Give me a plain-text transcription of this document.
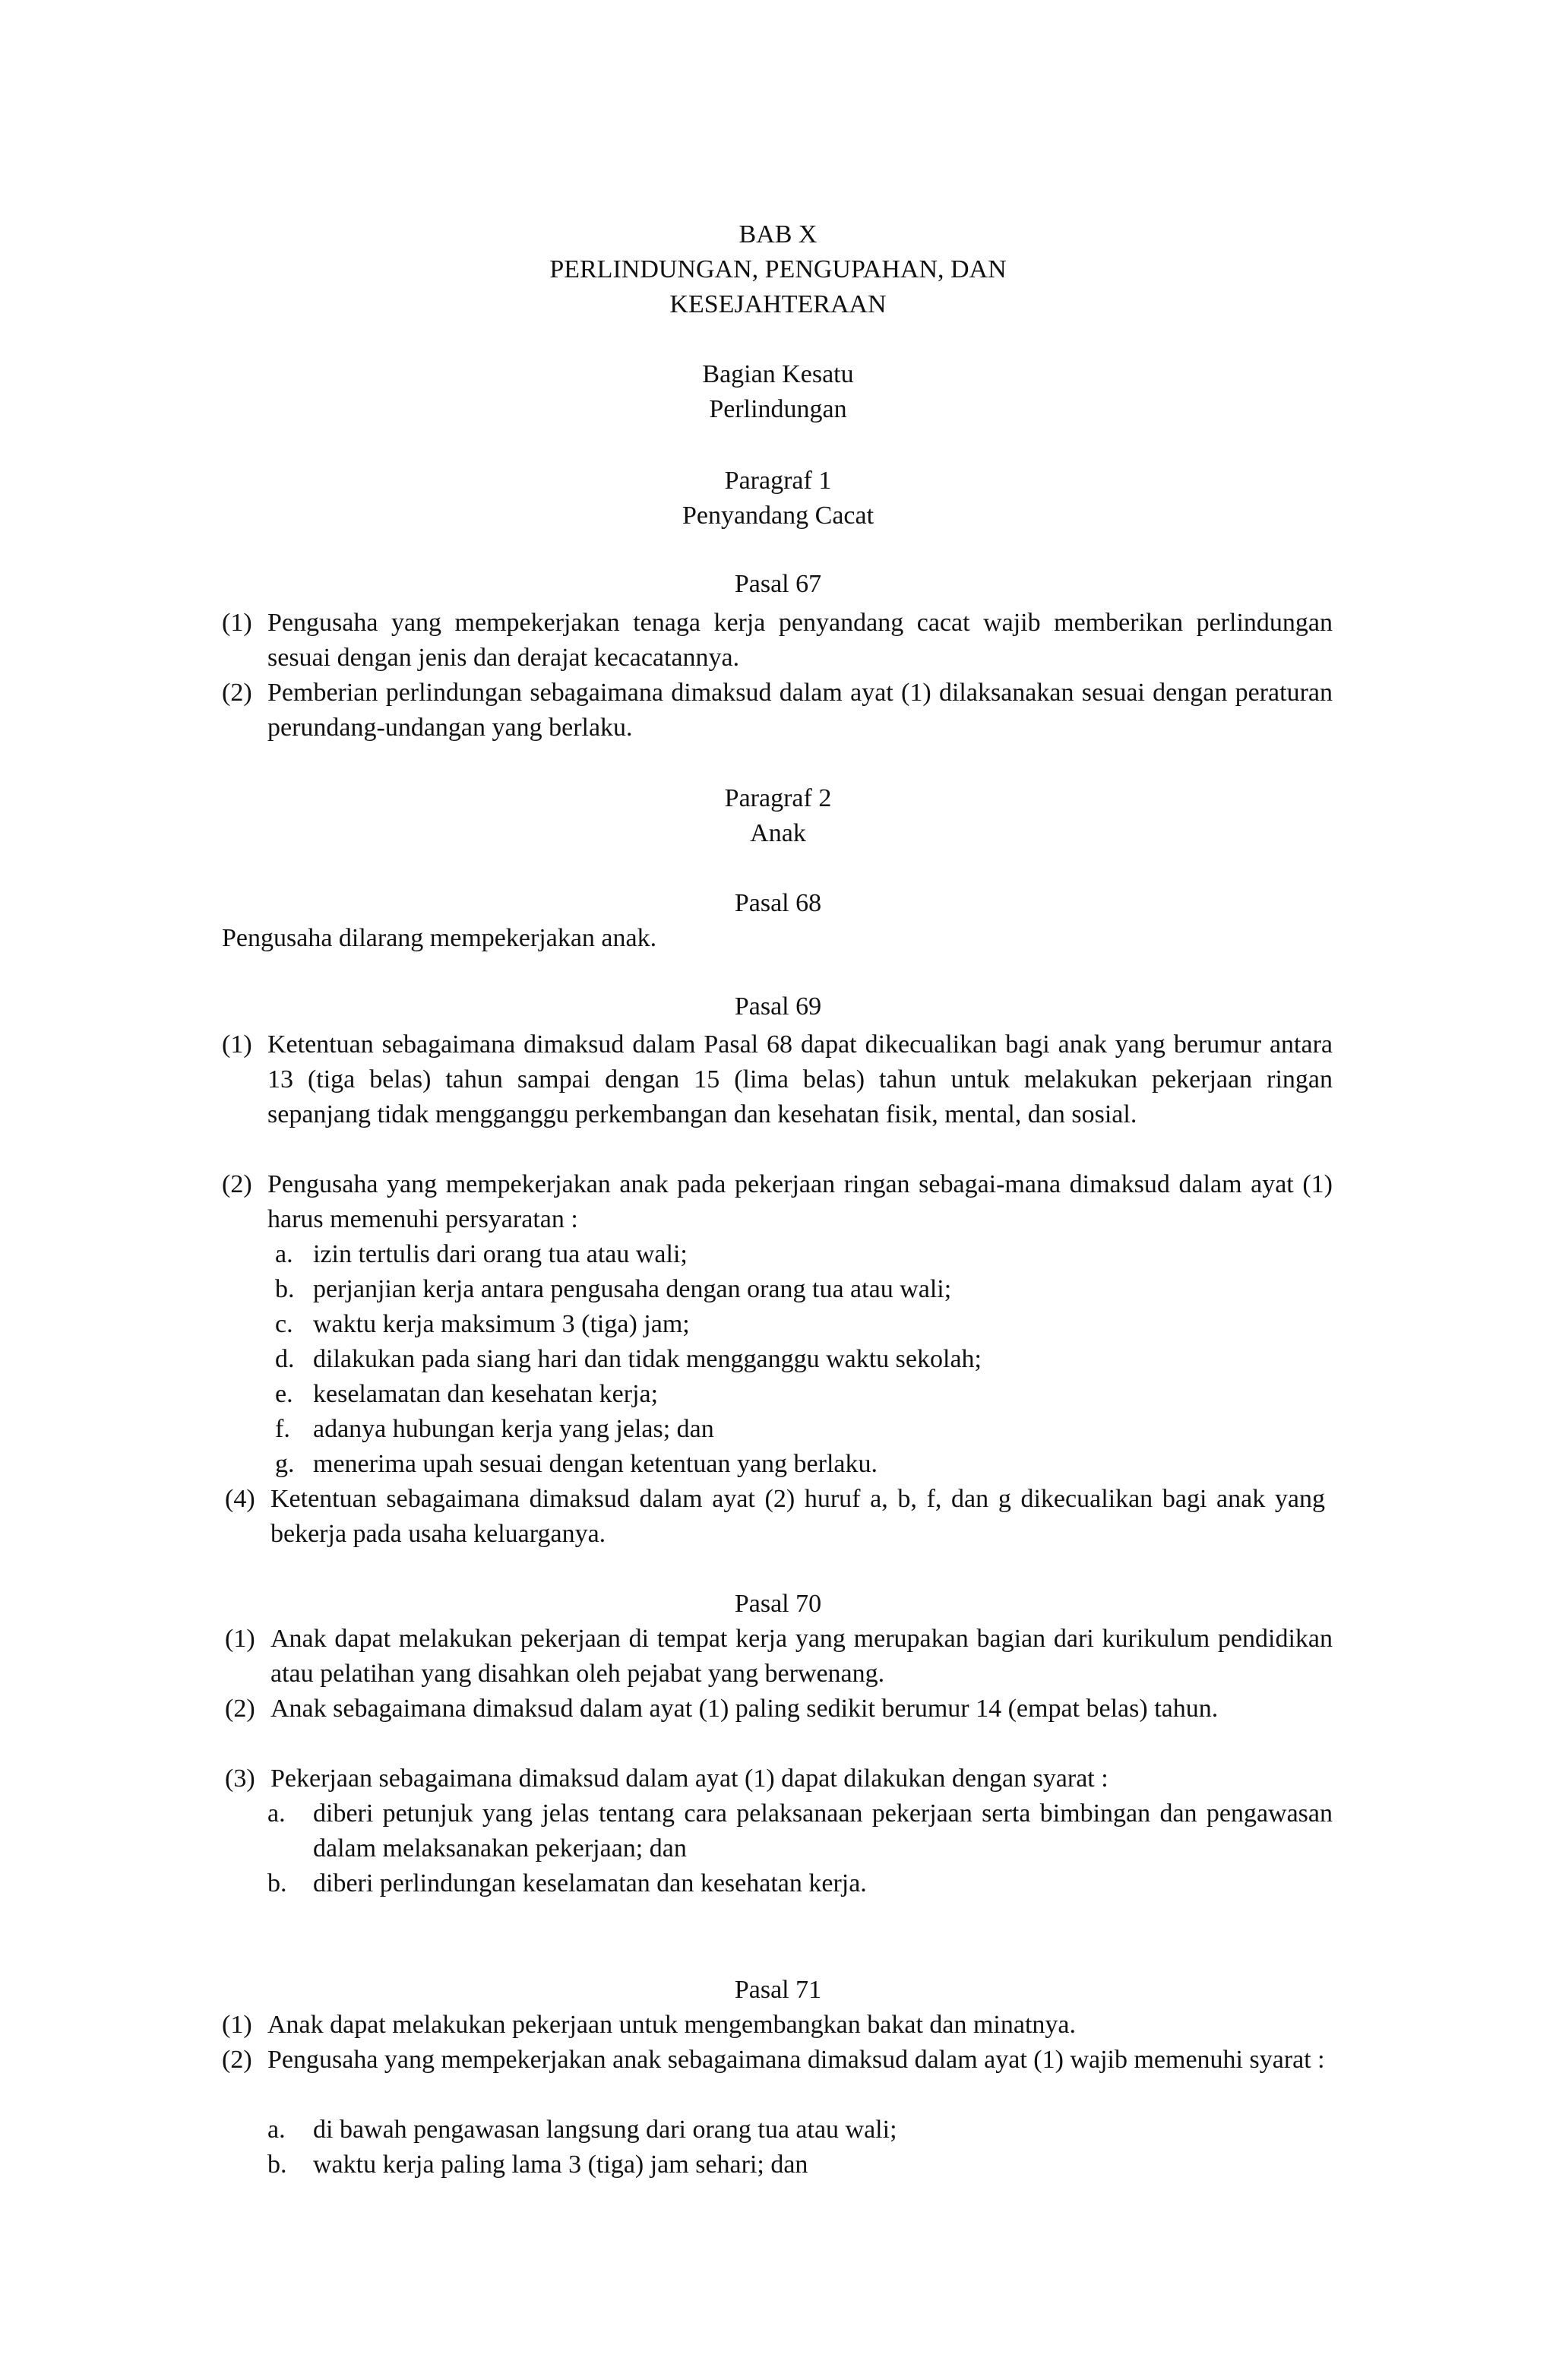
BAB X
PERLINDUNGAN, PENGUPAHAN, DAN
KESEJAHTERAAN
Bagian Kesatu
Perlindungan
Paragraf 1
Penyandang Cacat
Pasal 67
(1) Pengusaha yang mempekerjakan tenaga kerja penyandang cacat wajib memberikan perlindungan sesuai dengan jenis dan derajat kecacatannya.
(2) Pemberian perlindungan sebagaimana dimaksud dalam ayat (1) dilaksanakan sesuai dengan peraturan perundang-undangan yang berlaku.
Paragraf 2
Anak
Pasal 68
Pengusaha dilarang mempekerjakan anak.
Pasal 69
(1) Ketentuan sebagaimana dimaksud dalam Pasal 68 dapat dikecualikan bagi anak yang berumur antara 13 (tiga belas) tahun sampai dengan 15 (lima belas) tahun untuk melakukan pekerjaan ringan sepanjang tidak mengganggu perkembangan dan kesehatan fisik, mental, dan sosial.
(2) Pengusaha yang mempekerjakan anak pada pekerjaan ringan sebagai-mana dimaksud dalam ayat (1) harus memenuhi persyaratan :
a. izin tertulis dari orang tua atau wali;
b. perjanjian kerja antara pengusaha dengan orang tua atau wali;
c. waktu kerja maksimum 3 (tiga) jam;
d. dilakukan pada siang hari dan tidak mengganggu waktu sekolah;
e. keselamatan dan kesehatan kerja;
f. adanya hubungan kerja yang jelas; dan
g. menerima upah sesuai dengan ketentuan yang berlaku.
(4) Ketentuan sebagaimana dimaksud dalam ayat (2) huruf a, b, f, dan g dikecualikan bagi anak yang bekerja pada usaha keluarganya.
Pasal 70
(1) Anak dapat melakukan pekerjaan di tempat kerja yang merupakan bagian dari kurikulum pendidikan atau pelatihan yang disahkan oleh pejabat yang berwenang.
(2) Anak sebagaimana dimaksud dalam ayat (1) paling sedikit berumur 14 (empat belas) tahun.
(3) Pekerjaan sebagaimana dimaksud dalam ayat (1) dapat dilakukan dengan syarat :
a. diberi petunjuk yang jelas tentang cara pelaksanaan pekerjaan serta bimbingan dan pengawasan dalam melaksanakan pekerjaan; dan
b. diberi perlindungan keselamatan dan kesehatan kerja.
Pasal 71
(1) Anak dapat melakukan pekerjaan untuk mengembangkan bakat dan minatnya.
(2) Pengusaha yang mempekerjakan anak sebagaimana dimaksud dalam ayat (1) wajib memenuhi syarat :
a. di bawah pengawasan langsung dari orang tua atau wali;
b. waktu kerja paling lama 3 (tiga) jam sehari; dan
